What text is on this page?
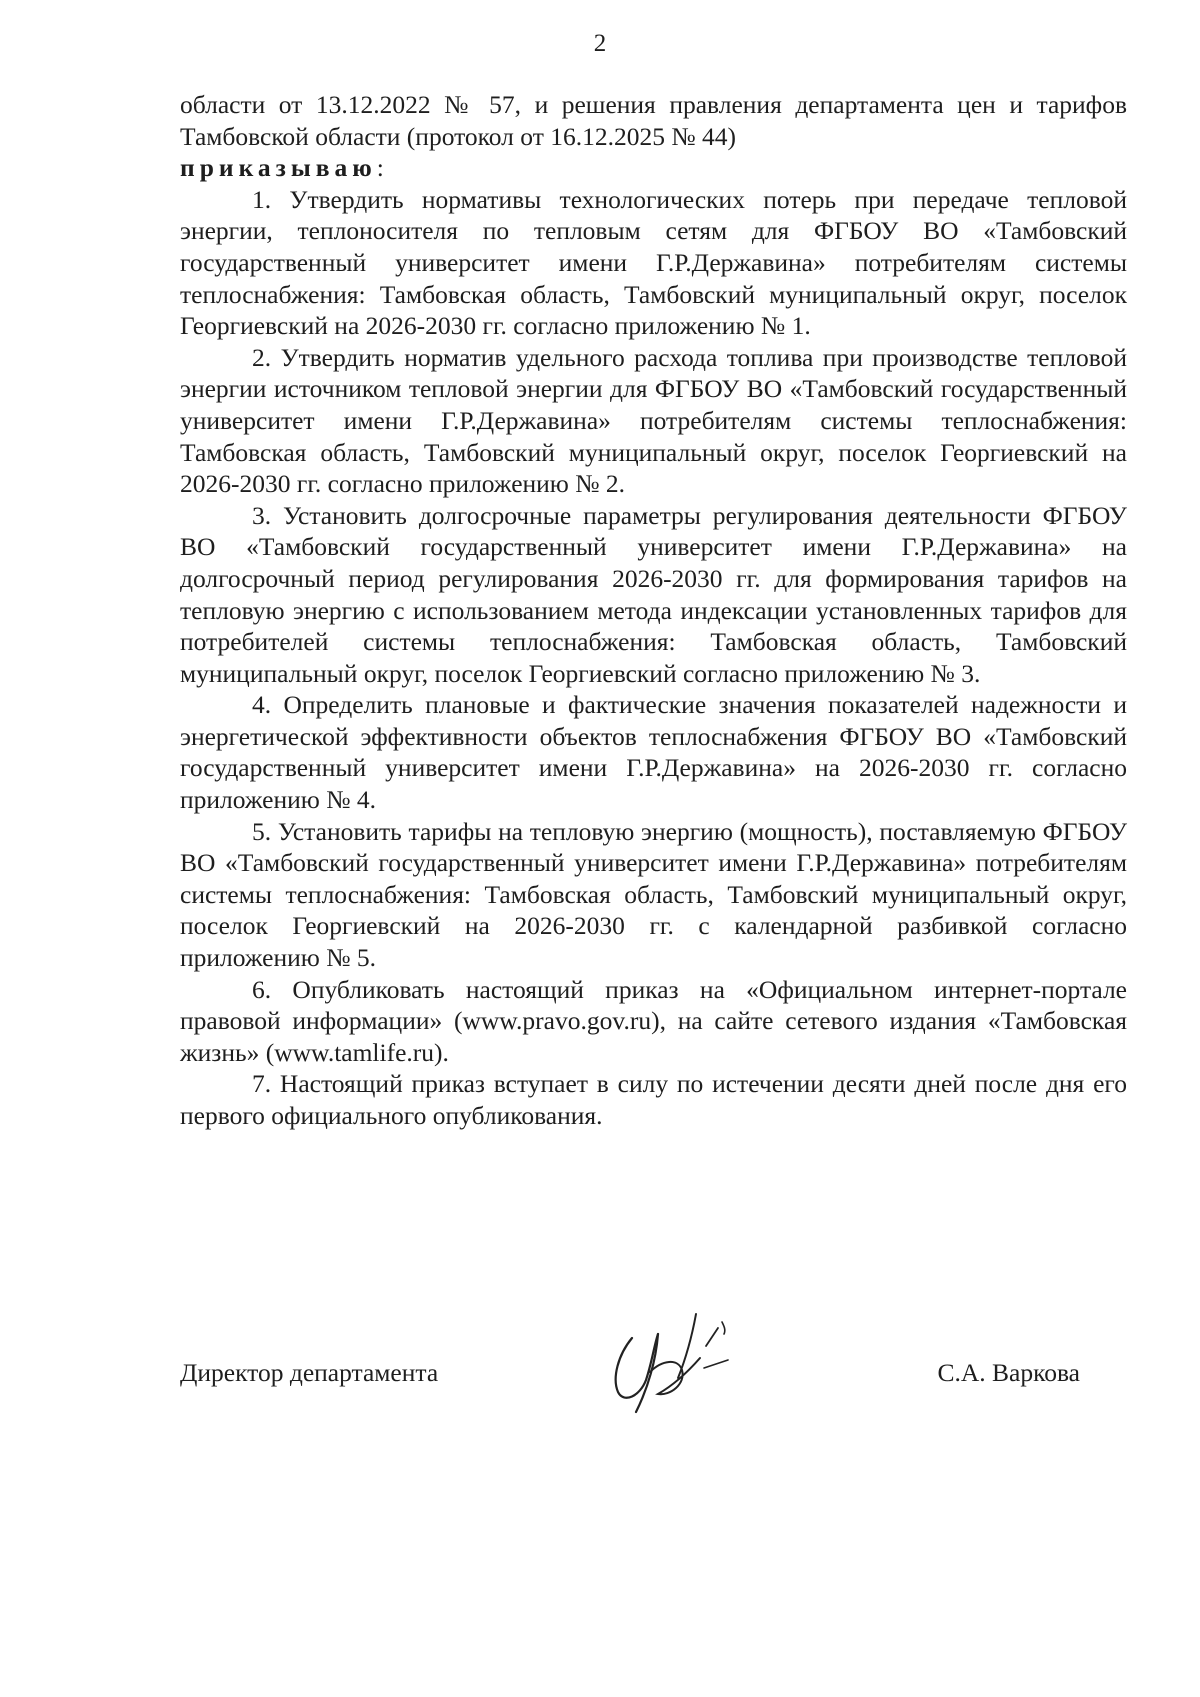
2

области от 13.12.2022 № 57, и решения правления департамента цен и тарифов Тамбовской области (протокол от 16.12.2025 № 44)

приказываю:

1. Утвердить нормативы технологических потерь при передаче тепловой энергии, теплоносителя по тепловым сетям для ФГБОУ ВО «Тамбовский государственный университет имени Г.Р.Державина» потребителям системы теплоснабжения: Тамбовская область, Тамбовский муниципальный округ, поселок Георгиевский на 2026-2030 гг. согласно приложению № 1.

2. Утвердить норматив удельного расхода топлива при производстве тепловой энергии источником тепловой энергии для ФГБОУ ВО «Тамбовский государственный университет имени Г.Р.Державина» потребителям системы теплоснабжения: Тамбовская область, Тамбовский муниципальный округ, поселок Георгиевский на 2026-2030 гг. согласно приложению № 2.

3. Установить долгосрочные параметры регулирования деятельности ФГБОУ ВО «Тамбовский государственный университет имени Г.Р.Державина» на долгосрочный период регулирования 2026-2030 гг. для формирования тарифов на тепловую энергию с использованием метода индексации установленных тарифов для потребителей системы теплоснабжения: Тамбовская область, Тамбовский муниципальный округ, поселок Георгиевский согласно приложению № 3.

4. Определить плановые и фактические значения показателей надежности и энергетической эффективности объектов теплоснабжения ФГБОУ ВО «Тамбовский государственный университет имени Г.Р.Державина» на 2026-2030 гг. согласно приложению № 4.

5. Установить тарифы на тепловую энергию (мощность), поставляемую ФГБОУ ВО «Тамбовский государственный университет имени Г.Р.Державина» потребителям системы теплоснабжения: Тамбовская область, Тамбовский муниципальный округ, поселок Георгиевский на 2026-2030 гг. с календарной разбивкой согласно приложению № 5.

6. Опубликовать настоящий приказ на «Официальном интернет-портале правовой информации» (www.pravo.gov.ru), на сайте сетевого издания «Тамбовская жизнь» (www.tamlife.ru).

7. Настоящий приказ вступает в силу по истечении десяти дней после дня его первого официального опубликования.

Директор департамента	С.А. Варкова
